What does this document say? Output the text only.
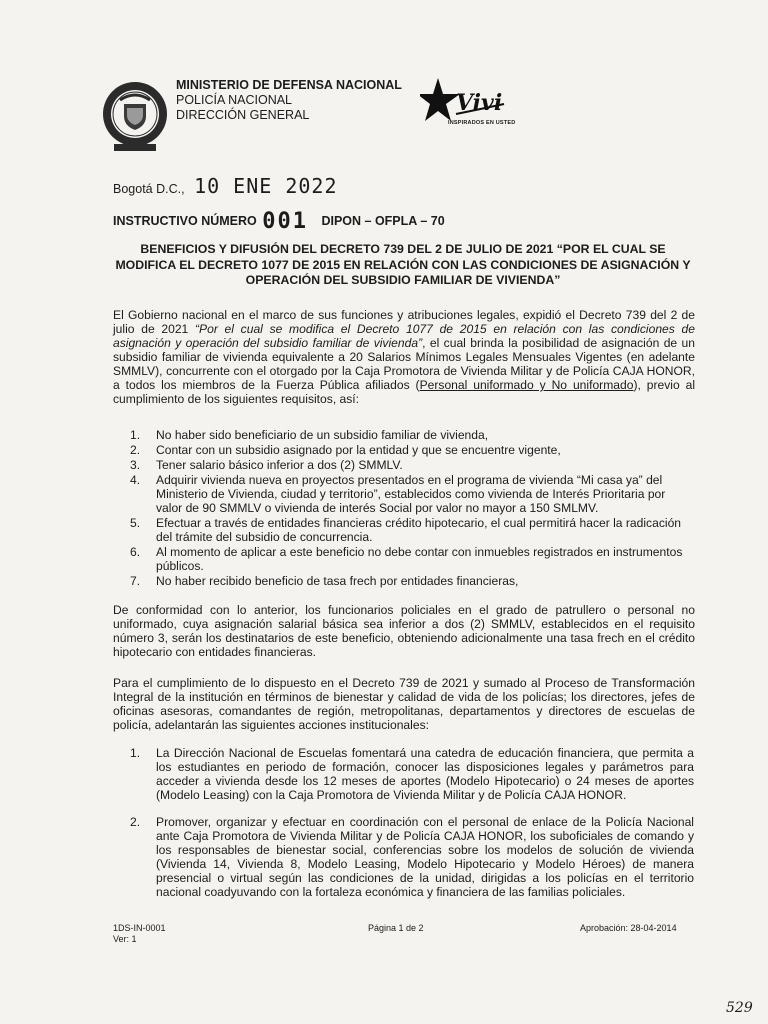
MINISTERIO DE DEFENSA NACIONAL
POLICÍA NACIONAL
DIRECCIÓN GENERAL	Vivi
INSPIRADOS EN USTED
Bogotá D.C., 10 ENE 2022
INSTRUCTIVO NÚMERO 001 DIPON – OFPLA – 70
BENEFICIOS Y DIFUSIÓN DEL DECRETO 739 DEL 2 DE JULIO DE 2021 “POR EL CUAL SE MODIFICA EL DECRETO 1077 DE 2015 EN RELACIÓN CON LAS CONDICIONES DE ASIGNACIÓN Y OPERACIÓN DEL SUBSIDIO FAMILIAR DE VIVIENDA”
El Gobierno nacional en el marco de sus funciones y atribuciones legales, expidió el Decreto 739 del 2 de julio de 2021 “Por el cual se modifica el Decreto 1077 de 2015 en relación con las condiciones de asignación y operación del subsidio familiar de vivienda”, el cual brinda la posibilidad de asignación de un subsidio familiar de vivienda equivalente a 20 Salarios Mínimos Legales Mensuales Vigentes (en adelante SMMLV), concurrente con el otorgado por la Caja Promotora de Vivienda Militar y de Policía CAJA HONOR, a todos los miembros de la Fuerza Pública afiliados (Personal uniformado y No uniformado), previo al cumplimiento de los siguientes requisitos, así:
1.	No haber sido beneficiario de un subsidio familiar de vivienda,
2.	Contar con un subsidio asignado por la entidad y que se encuentre vigente,
3.	Tener salario básico inferior a dos (2) SMMLV.
4.	Adquirir vivienda nueva en proyectos presentados en el programa de vivienda “Mi casa ya” del Ministerio de Vivienda, ciudad y territorio”, establecidos como vivienda de Interés Prioritaria por valor de 90 SMMLV o vivienda de interés Social por valor no mayor a 150 SMLMV.
5.	Efectuar a través de entidades financieras crédito hipotecario, el cual permitirá hacer la radicación del trámite del subsidio de concurrencia.
6.	Al momento de aplicar a este beneficio no debe contar con inmuebles registrados en instrumentos públicos.
7.	No haber recibido beneficio de tasa frech por entidades financieras,
De conformidad con lo anterior, los funcionarios policiales en el grado de patrullero o personal no uniformado, cuya asignación salarial básica sea inferior a dos (2) SMMLV, establecidos en el requisito número 3, serán los destinatarios de este beneficio, obteniendo adicionalmente una tasa frech en el crédito hipotecario con entidades financieras.
Para el cumplimiento de lo dispuesto en el Decreto 739 de 2021 y sumado al Proceso de Transformación Integral de la institución en términos de bienestar y calidad de vida de los policías; los directores, jefes de oficinas asesoras, comandantes de región, metropolitanas, departamentos y directores de escuelas de policía, adelantarán las siguientes acciones institucionales:
1.	La Dirección Nacional de Escuelas fomentará una catedra de educación financiera, que permita a los estudiantes en periodo de formación, conocer las disposiciones legales y parámetros para acceder a vivienda desde los 12 meses de aportes (Modelo Hipotecario) o 24 meses de aportes (Modelo Leasing) con la Caja Promotora de Vivienda Militar y de Policía CAJA HONOR.
2.	Promover, organizar y efectuar en coordinación con el personal de enlace de la Policía Nacional ante Caja Promotora de Vivienda Militar y de Policía CAJA HONOR, los suboficiales de comando y los responsables de bienestar social, conferencias sobre los modelos de solución de vivienda (Vivienda 14, Vivienda 8, Modelo Leasing, Modelo Hipotecario y Modelo Héroes) de manera presencial o virtual según las condiciones de la unidad, dirigidas a los policías en el territorio nacional coadyuvando con la fortaleza económica y financiera de las familias policiales.
1DS-IN-0001
Ver: 1
Página 1 de 2	Aprobación: 28-04-2014
529
